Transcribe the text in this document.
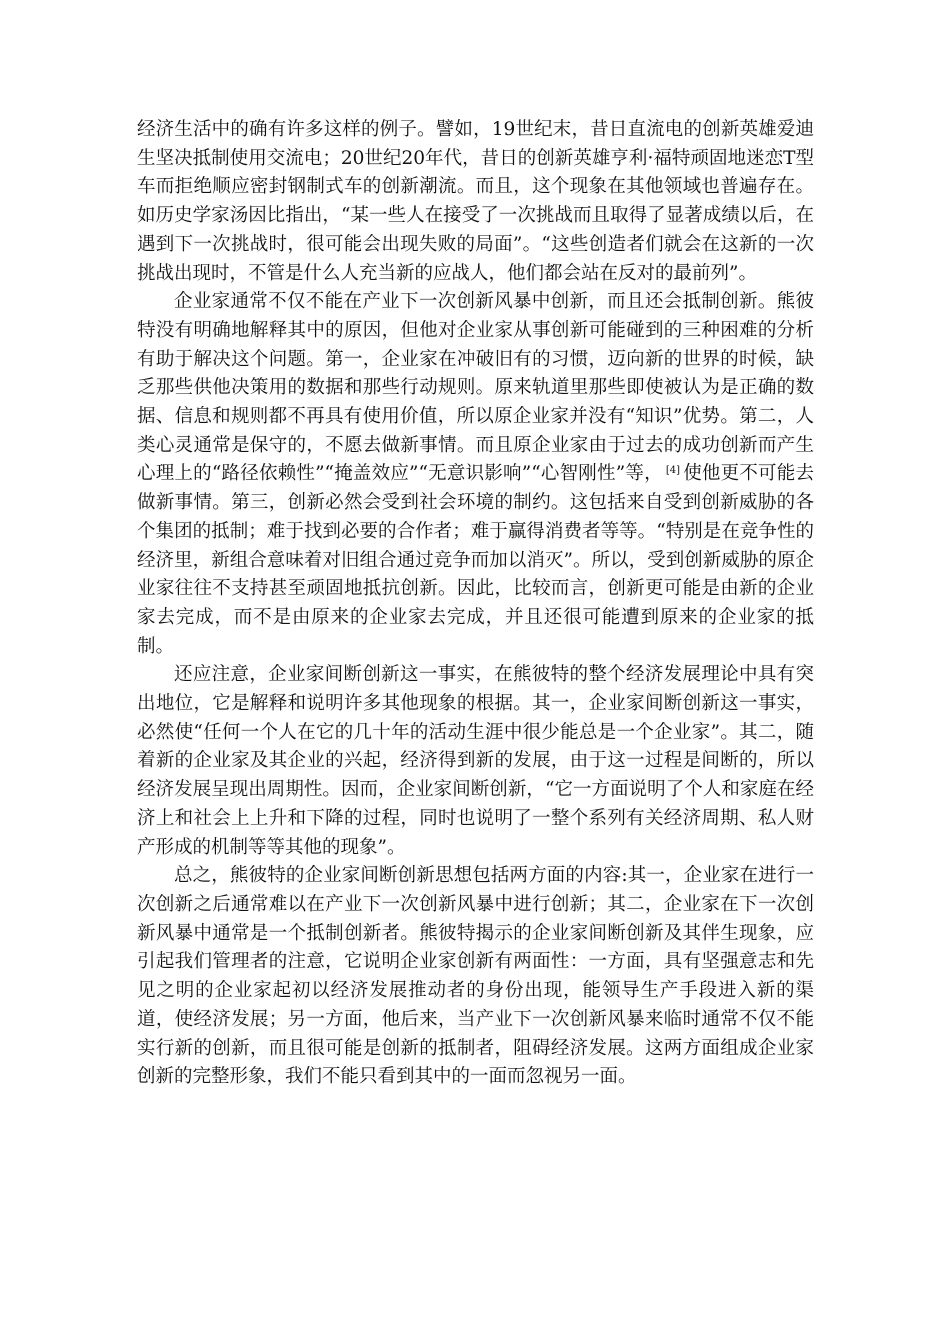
经济生活中的确有许多这样的例子。譬如，19世纪末，昔日直流电的创新英雄爱迪生坚决抵制使用交流电；20世纪20年代，昔日的创新英雄亨利·福特顽固地迷恋T型车而拒绝顺应密封钢制式车的创新潮流。而且，这个现象在其他领域也普遍存在。如历史学家汤因比指出，“某一些人在接受了一次挑战而且取得了显著成绩以后，在遇到下一次挑战时，很可能会出现失败的局面”。“这些创造者们就会在这新的一次挑战出现时，不管是什么人充当新的应战人，他们都会站在反对的最前列”。

企业家通常不仅不能在产业下一次创新风暴中创新，而且还会抵制创新。熊彼特没有明确地解释其中的原因，但他对企业家从事创新可能碰到的三种困难的分析有助于解决这个问题。第一，企业家在冲破旧有的习惯，迈向新的世界的时候，缺乏那些供他决策用的数据和那些行动规则。原来轨道里那些即使被认为是正确的数据、信息和规则都不再具有使用价值，所以原企业家并没有“知识”优势。第二，人类心灵通常是保守的，不愿去做新事情。而且原企业家由于过去的成功创新而产生心理上的“路径依赖性”“掩盖效应”“无意识影响”“心智刚性”等， [4] 使他更不可能去做新事情。第三，创新必然会受到社会环境的制约。这包括来自受到创新威胁的各个集团的抵制；难于找到必要的合作者；难于赢得消费者等等。“特别是在竞争性的经济里，新组合意味着对旧组合通过竞争而加以消灭”。所以，受到创新威胁的原企业家往往不支持甚至顽固地抵抗创新。因此，比较而言，创新更可能是由新的企业家去完成，而不是由原来的企业家去完成，并且还很可能遭到原来的企业家的抵制。

还应注意，企业家间断创新这一事实，在熊彼特的整个经济发展理论中具有突出地位，它是解释和说明许多其他现象的根据。其一，企业家间断创新这一事实，必然使“任何一个人在它的几十年的活动生涯中很少能总是一个企业家”。其二，随着新的企业家及其企业的兴起，经济得到新的发展，由于这一过程是间断的，所以经济发展呈现出周期性。因而，企业家间断创新，“它一方面说明了个人和家庭在经济上和社会上上升和下降的过程，同时也说明了一整个系列有关经济周期、私人财产形成的机制等等其他的现象”。

总之，熊彼特的企业家间断创新思想包括两方面的内容:其一，企业家在进行一次创新之后通常难以在产业下一次创新风暴中进行创新；其二，企业家在下一次创新风暴中通常是一个抵制创新者。熊彼特揭示的企业家间断创新及其伴生现象，应引起我们管理者的注意，它说明企业家创新有两面性：一方面，具有坚强意志和先见之明的企业家起初以经济发展推动者的身份出现，能领导生产手段进入新的渠道，使经济发展；另一方面，他后来，当产业下一次创新风暴来临时通常不仅不能实行新的创新，而且很可能是创新的抵制者，阻碍经济发展。这两方面组成企业家创新的完整形象，我们不能只看到其中的一面而忽视另一面。
